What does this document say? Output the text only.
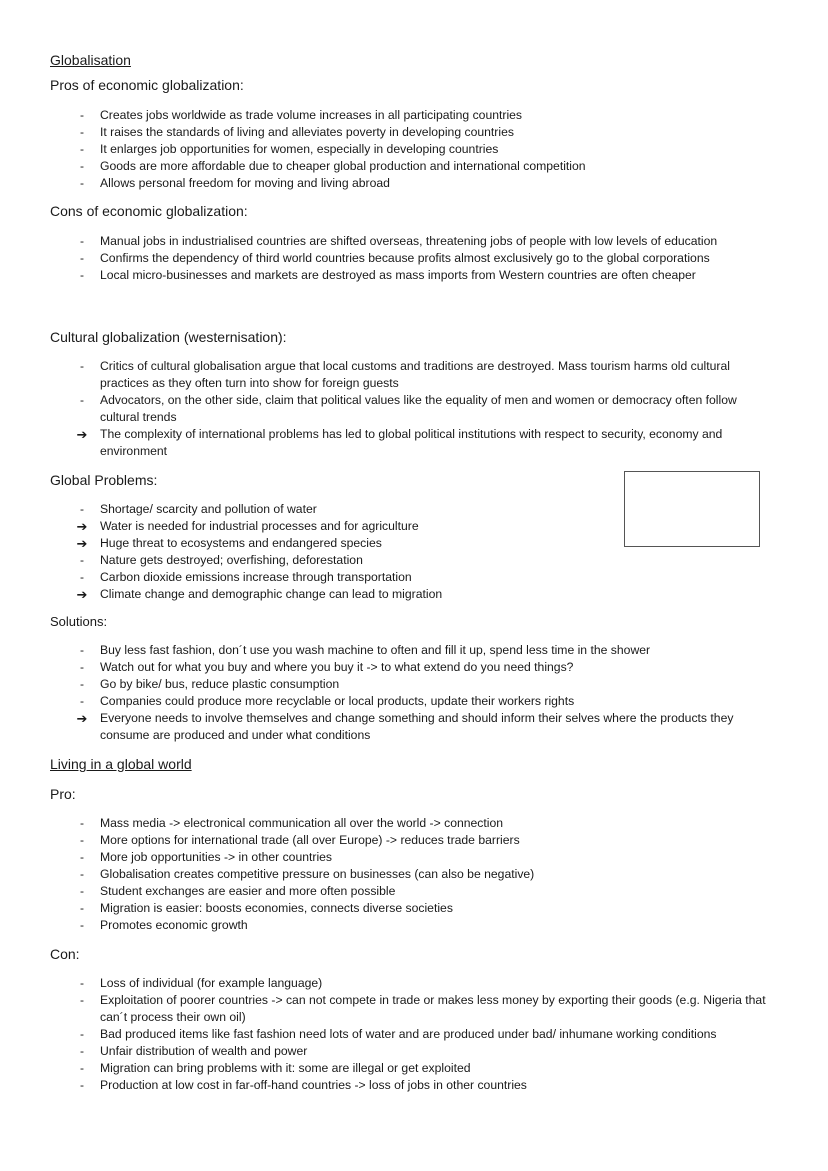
Globalisation
Pros of economic globalization:
-	Creates jobs worldwide as trade volume increases in all participating countries
-	It raises the standards of living and alleviates poverty in developing countries
-	It enlarges job opportunities for women, especially in developing countries
-	Goods are more affordable due to cheaper global production and international competition
-	Allows personal freedom for moving and living abroad
Cons of economic globalization:
-	Manual jobs in industrialised countries are shifted overseas, threatening jobs of people with low levels of education
-	Confirms the dependency of third world countries because profits almost exclusively go to the global corporations
-	Local micro-businesses and markets are destroyed as mass imports from Western countries are often cheaper
Cultural globalization (westernisation):
-	Critics of cultural globalisation argue that local customs and traditions are destroyed. Mass tourism harms old cultural practices as they often turn into show for foreign guests
-	Advocators, on the other side, claim that political values like the equality of men and women or democracy often follow cultural trends
➔	The complexity of international problems has led to global political institutions with respect to security, economy and environment
Global Problems:
-	Shortage/ scarcity and pollution of water
➔	Water is needed for industrial processes and for agriculture
➔	Huge threat to ecosystems and endangered species
-	Nature gets destroyed; overfishing, deforestation
-	Carbon dioxide emissions increase through transportation
➔	Climate change and demographic change can lead to migration
Solutions:
-	Buy less fast fashion, don´t use you wash machine to often and fill it up, spend less time in the shower
-	Watch out for what you buy and where you buy it -> to what extend do you need things?
-	Go by bike/ bus, reduce plastic consumption
-	Companies could produce more recyclable or local products, update their workers rights
➔	Everyone needs to involve themselves and change something and should inform their selves where the products they consume are produced and under what conditions
Living in a global world
Pro:
-	Mass media -> electronical communication all over the world -> connection
-	More options for international trade (all over Europe) -> reduces trade barriers
-	More job opportunities -> in other countries
-	Globalisation creates competitive pressure on businesses (can also be negative)
-	Student exchanges are easier and more often possible
-	Migration is easier: boosts economies, connects diverse societies
-	Promotes economic growth
Con:
-	Loss of individual (for example language)
-	Exploitation of poorer countries -> can not compete in trade or makes less money by exporting their goods (e.g. Nigeria that can´t process their own oil)
-	Bad produced items like fast fashion need lots of water and are produced under bad/ inhumane working conditions
-	Unfair distribution of wealth and power
-	Migration can bring problems with it: some are illegal or get exploited
-	Production at low cost in far-off-hand countries -> loss of jobs in other countries
